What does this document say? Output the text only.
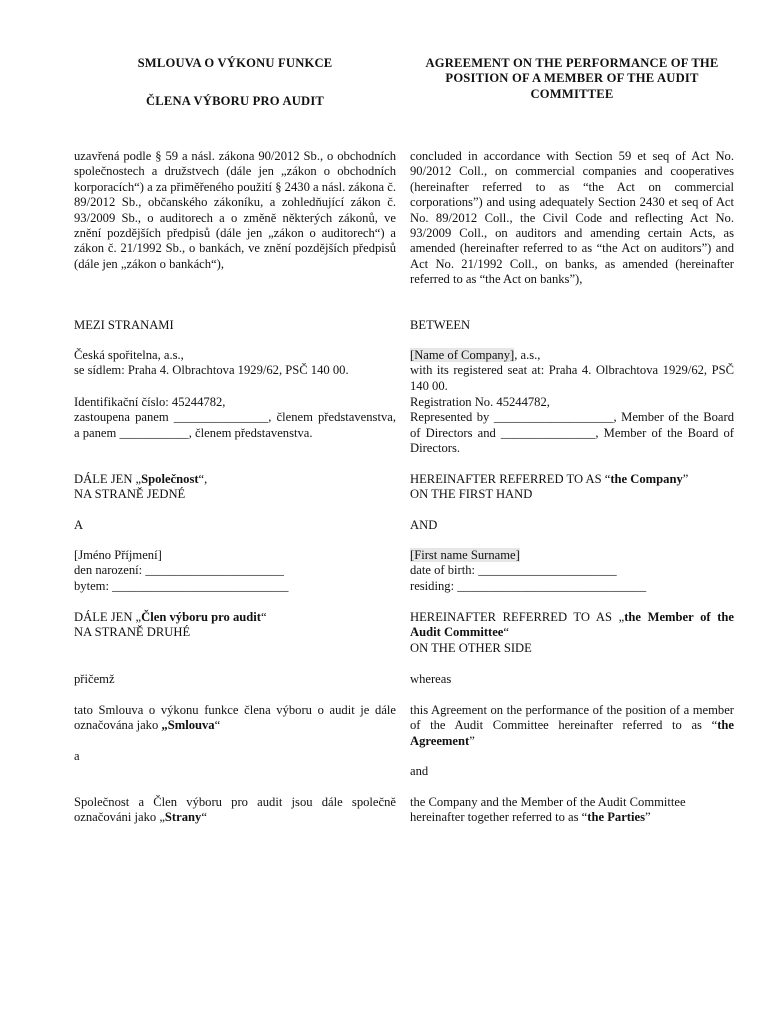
SMLOUVA O VÝKONU FUNKCE
ČLENA VÝBORU PRO AUDIT
uzavřená podle § 59 a násl. zákona 90/2012 Sb., o obchodních společnostech a družstvech (dále jen „zákon o obchodních korporacích“) a za přiměřeného použití § 2430 a násl. zákona č. 89/2012 Sb., občanského zákoníku, a zohledňující zákon č. 93/2009 Sb., o auditorech a o změně některých zákonů, ve znění pozdějších předpisů (dále jen „zákon o auditorech“) a zákon č. 21/1992 Sb., o bankách, ve znění pozdějších předpisů (dále jen „zákon o bankách“),
MEZI STRANAMI
Česká spořitelna, a.s.,
se sídlem: Praha 4. Olbrachtova 1929/62, PSČ 140 00.
Identifikační číslo: 45244782,
zastoupena panem _______________, členem představenstva, a panem ___________, členem představenstva.
DÁLE JEN „Společnost“,
NA STRANĚ JEDNÉ
A
[Jméno Příjmení]
den narození: ______________________
bytem: ____________________________
DÁLE JEN „Člen výboru pro audit“
NA STRANĚ DRUHÉ
přičemž
tato Smlouva o výkonu funkce člena výboru o audit je dále označována jako „Smlouva“
a
Společnost a Člen výboru pro audit jsou dále společně označováni jako „Strany“
AGREEMENT ON THE PERFORMANCE OF THE POSITION OF A MEMBER OF THE AUDIT COMMITTEE
concluded in accordance with Section 59 et seq of Act No. 90/2012 Coll., on commercial companies and cooperatives (hereinafter referred to as “the Act on commercial corporations”) and using adequately Section 2430 et seq of Act No. 89/2012 Coll., the Civil Code and reflecting Act No. 93/2009 Coll., on auditors and amending certain Acts, as amended (hereinafter referred to as “the Act on auditors”) and Act No. 21/1992 Coll., on banks, as amended (hereinafter referred to as “the Act on banks”),
BETWEEN
[Name of Company], a.s.,
with its registered seat at: Praha 4. Olbrachtova 1929/62, PSČ 140 00.
Registration No. 45244782,
Represented by ___________________, Member of the Board of Directors and _______________, Member of the Board of Directors.
HEREINAFTER REFERRED TO AS “the Company”
ON THE FIRST HAND
AND
[First name Surname]
date of birth: ______________________
residing: ______________________________
HEREINAFTER REFERRED TO AS „the Member of the Audit Committee“
ON THE OTHER SIDE
whereas
this Agreement on the performance of the position of a member of the Audit Committee hereinafter referred to as “the Agreement”
and
the Company and the Member of the Audit Committee hereinafter together referred to as “the Parties”
